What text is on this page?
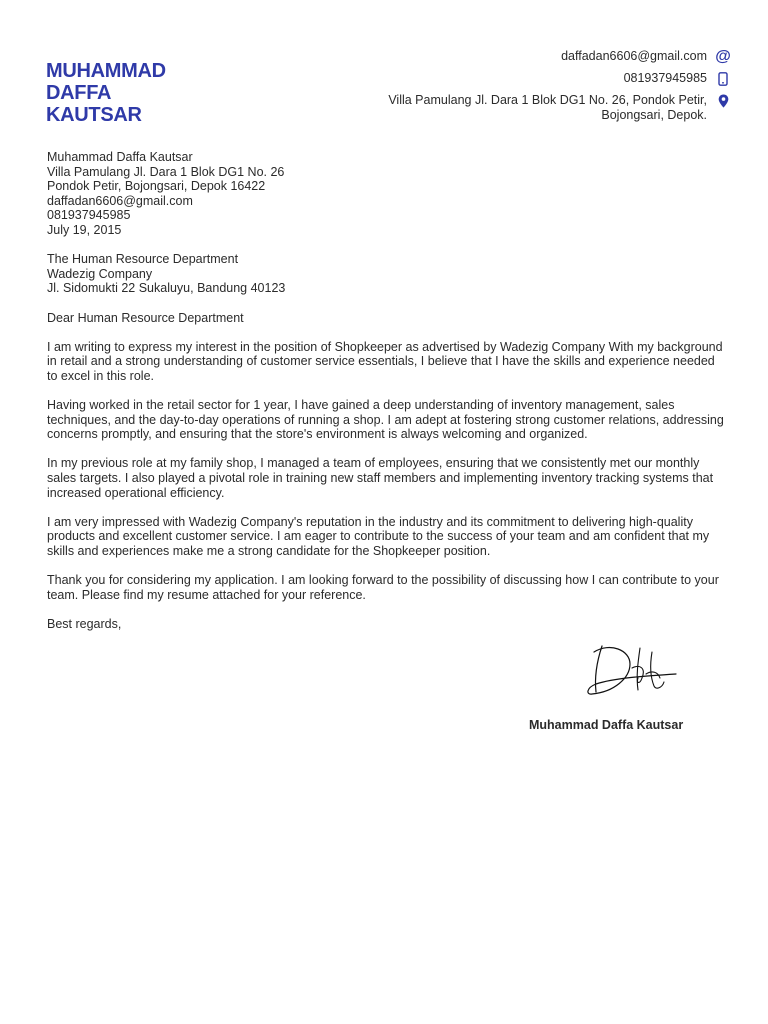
MUHAMMAD
DAFFA
KAUTSAR
daffadan6606@gmail.com @
081937945985
Villa Pamulang Jl. Dara 1 Blok DG1 No. 26, Pondok Petir, Bojongsari, Depok.
Muhammad Daffa Kautsar
Villa Pamulang Jl. Dara 1 Blok DG1 No. 26
Pondok Petir, Bojongsari, Depok 16422
daffadan6606@gmail.com
081937945985
July 19, 2015
The Human Resource Department
Wadezig Company
Jl. Sidomukti 22 Sukaluyu, Bandung 40123

Dear Human Resource Department

I am writing to express my interest in the position of Shopkeeper as advertised by Wadezig Company With my background in retail and a strong understanding of customer service essentials, I believe that I have the skills and experience needed to excel in this role.

Having worked in the retail sector for 1 year, I have gained a deep understanding of inventory management, sales techniques, and the day-to-day operations of running a shop. I am adept at fostering strong customer relations, addressing concerns promptly, and ensuring that the store's environment is always welcoming and organized.

In my previous role at my family shop, I managed a team of employees, ensuring that we consistently met our monthly sales targets. I also played a pivotal role in training new staff members and implementing inventory tracking systems that increased operational efficiency.

I am very impressed with Wadezig Company's reputation in the industry and its commitment to delivering high-quality products and excellent customer service. I am eager to contribute to the success of your team and am confident that my skills and experiences make me a strong candidate for the Shopkeeper position.

Thank you for considering my application. I am looking forward to the possibility of discussing how I can contribute to your team. Please find my resume attached for your reference.

Best regards,

Muhammad Daffa Kautsar
